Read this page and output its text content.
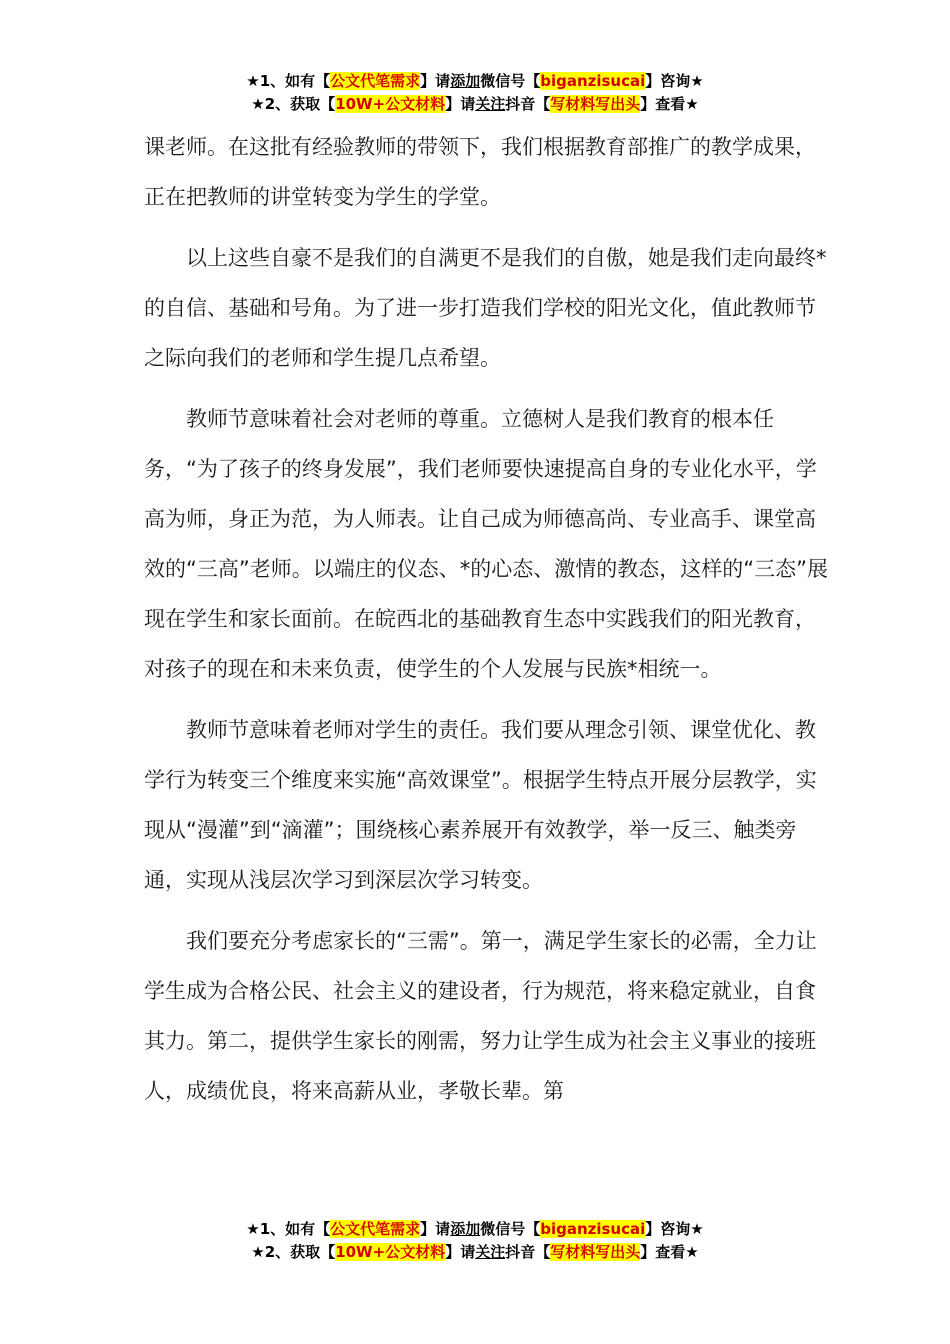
★1、如有【公文代笔需求】请添加微信号【biganzisucai】咨询★
★2、获取【10W+公文材料】请关注抖音【写材料写出头】查看★

课老师。在这批有经验教师的带领下，我们根据教育部推广的教学成果，正在把教师的讲堂转变为学生的学堂。

以上这些自豪不是我们的自满更不是我们的自傲，她是我们走向最终*的自信、基础和号角。为了进一步打造我们学校的阳光文化，值此教师节之际向我们的老师和学生提几点希望。

教师节意味着社会对老师的尊重。立德树人是我们教育的根本任务，“为了孩子的终身发展”，我们老师要快速提高自身的专业化水平，学高为师，身正为范，为人师表。让自己成为师德高尚、专业高手、课堂高效的“三高”老师。以端庄的仪态、*的心态、激情的教态，这样的“三态”展现在学生和家长面前。在皖西北的基础教育生态中实践我们的阳光教育，对孩子的现在和未来负责，使学生的个人发展与民族*相统一。

教师节意味着老师对学生的责任。我们要从理念引领、课堂优化、教学行为转变三个维度来实施“高效课堂”。根据学生特点开展分层教学，实现从“漫灌”到“滴灌”；围绕核心素养展开有效教学，举一反三、触类旁通，实现从浅层次学习到深层次学习转变。

我们要充分考虑家长的“三需”。第一，满足学生家长的必需，全力让学生成为合格公民、社会主义的建设者，行为规范，将来稳定就业，自食其力。第二，提供学生家长的刚需，努力让学生成为社会主义事业的接班人，成绩优良，将来高薪从业，孝敬长辈。第

★1、如有【公文代笔需求】请添加微信号【biganzisucai】咨询★
★2、获取【10W+公文材料】请关注抖音【写材料写出头】查看★
